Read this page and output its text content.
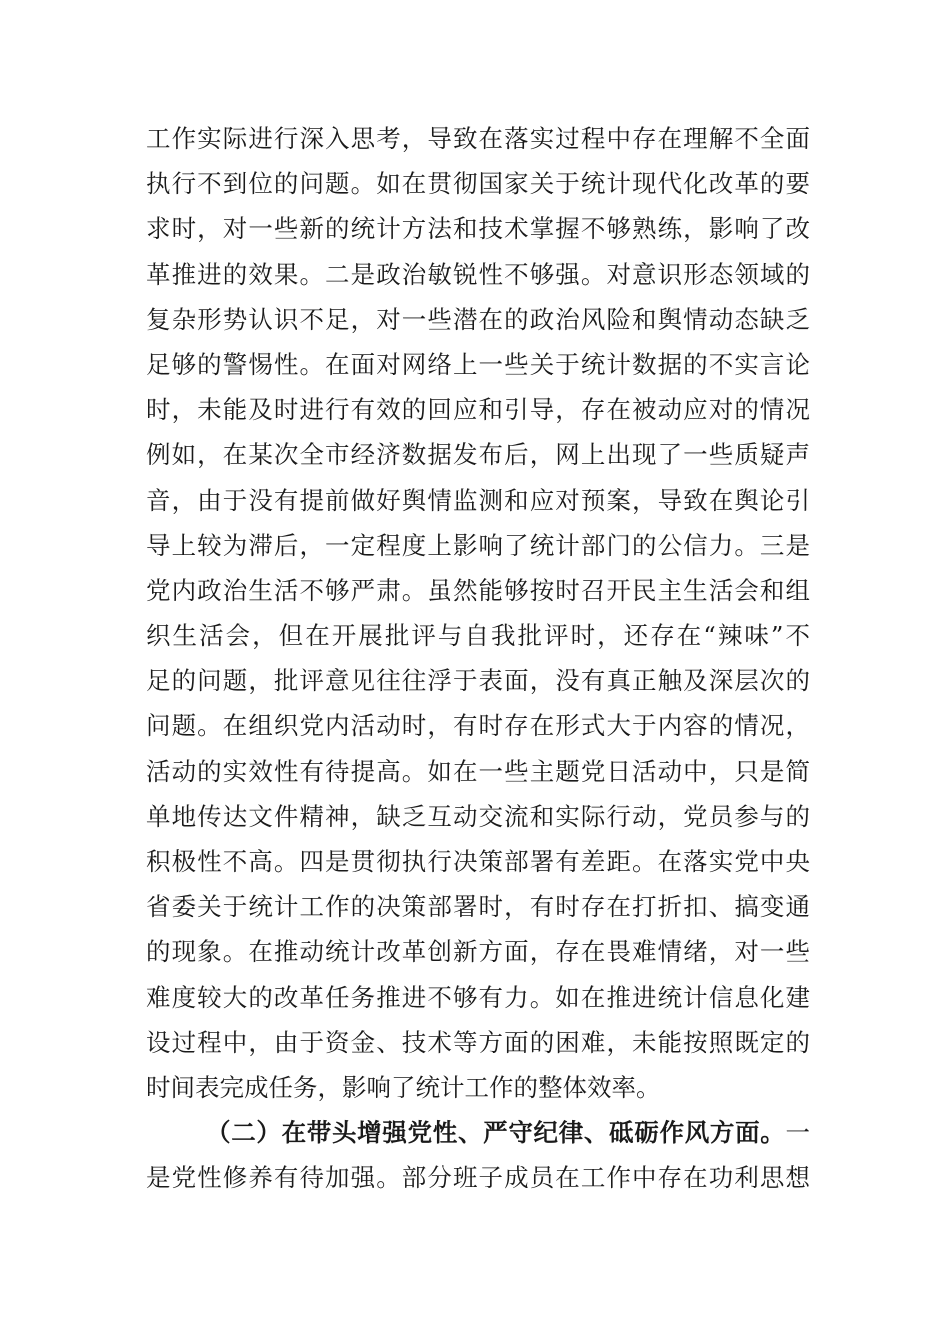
工作实际进行深入思考，导致在落实过程中存在理解不全面
执行不到位的问题。如在贯彻国家关于统计现代化改革的要
求时，对一些新的统计方法和技术掌握不够熟练，影响了改
革推进的效果。二是政治敏锐性不够强。对意识形态领域的
复杂形势认识不足，对一些潜在的政治风险和舆情动态缺乏
足够的警惕性。在面对网络上一些关于统计数据的不实言论
时，未能及时进行有效的回应和引导，存在被动应对的情况
例如，在某次全市经济数据发布后，网上出现了一些质疑声
音，由于没有提前做好舆情监测和应对预案，导致在舆论引
导上较为滞后，一定程度上影响了统计部门的公信力。三是
党内政治生活不够严肃。虽然能够按时召开民主生活会和组
织生活会，但在开展批评与自我批评时，还存在“辣味”不
足的问题，批评意见往往浮于表面，没有真正触及深层次的
问题。在组织党内活动时，有时存在形式大于内容的情况，
活动的实效性有待提高。如在一些主题党日活动中，只是简
单地传达文件精神，缺乏互动交流和实际行动，党员参与的
积极性不高。四是贯彻执行决策部署有差距。在落实党中央
省委关于统计工作的决策部署时，有时存在打折扣、搞变通
的现象。在推动统计改革创新方面，存在畏难情绪，对一些
难度较大的改革任务推进不够有力。如在推进统计信息化建
设过程中，由于资金、技术等方面的困难，未能按照既定的
时间表完成任务，影响了统计工作的整体效率。
（二）在带头增强党性、严守纪律、砥砺作风方面。一
是党性修养有待加强。部分班子成员在工作中存在功利思想
